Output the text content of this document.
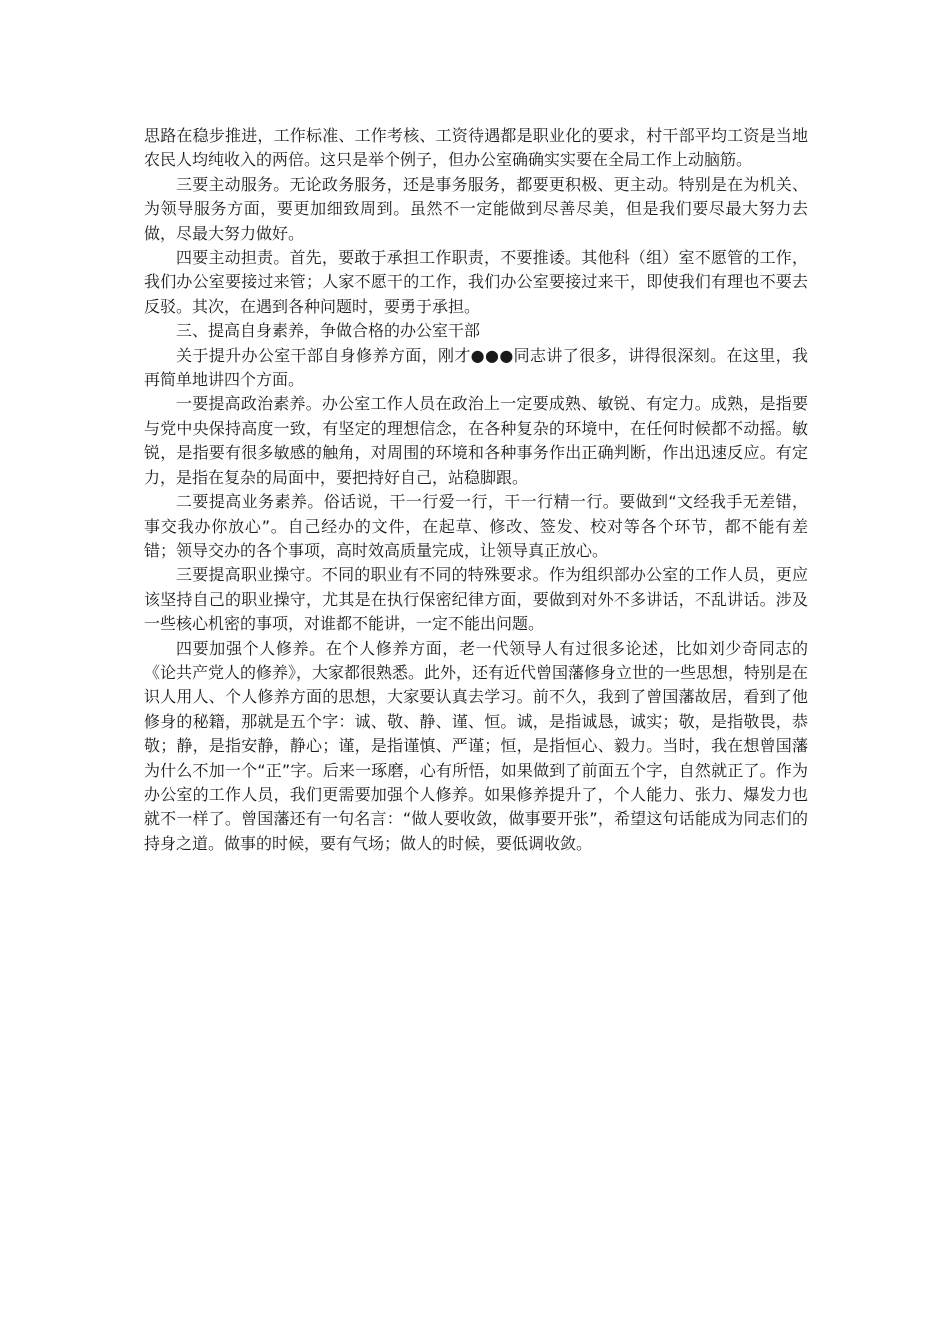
思路在稳步推进，工作标准、工作考核、工资待遇都是职业化的要求，村干部平均工资是当地农民人均纯收入的两倍。这只是举个例子，但办公室确确实实要在全局工作上动脑筋。

三要主动服务。无论政务服务，还是事务服务，都要更积极、更主动。特别是在为机关、为领导服务方面，要更加细致周到。虽然不一定能做到尽善尽美，但是我们要尽最大努力去做，尽最大努力做好。

四要主动担责。首先，要敢于承担工作职责，不要推诿。其他科（组）室不愿管的工作，我们办公室要接过来管；人家不愿干的工作，我们办公室要接过来干，即使我们有理也不要去反驳。其次，在遇到各种问题时，要勇于承担。

三、提高自身素养，争做合格的办公室干部

关于提升办公室干部自身修养方面，刚才●●●同志讲了很多，讲得很深刻。在这里，我再简单地讲四个方面。

一要提高政治素养。办公室工作人员在政治上一定要成熟、敏锐、有定力。成熟，是指要与党中央保持高度一致，有坚定的理想信念，在各种复杂的环境中，在任何时候都不动摇。敏锐，是指要有很多敏感的触角，对周围的环境和各种事务作出正确判断，作出迅速反应。有定力，是指在复杂的局面中，要把持好自己，站稳脚跟。

二要提高业务素养。俗话说，干一行爱一行，干一行精一行。要做到“文经我手无差错，事交我办你放心”。自己经办的文件，在起草、修改、签发、校对等各个环节，都不能有差错；领导交办的各个事项，高时效高质量完成，让领导真正放心。

三要提高职业操守。不同的职业有不同的特殊要求。作为组织部办公室的工作人员，更应该坚持自己的职业操守，尤其是在执行保密纪律方面，要做到对外不多讲话，不乱讲话。涉及一些核心机密的事项，对谁都不能讲，一定不能出问题。

四要加强个人修养。在个人修养方面，老一代领导人有过很多论述，比如刘少奇同志的《论共产党人的修养》，大家都很熟悉。此外，还有近代曾国藩修身立世的一些思想，特别是在识人用人、个人修养方面的思想，大家要认真去学习。前不久，我到了曾国藩故居，看到了他修身的秘籍，那就是五个字：诚、敬、静、谨、恒。诚，是指诚恳，诚实；敬，是指敬畏，恭敬；静，是指安静，静心；谨，是指谨慎、严谨；恒，是指恒心、毅力。当时，我在想曾国藩为什么不加一个“正”字。后来一琢磨，心有所悟，如果做到了前面五个字，自然就正了。作为办公室的工作人员，我们更需要加强个人修养。如果修养提升了，个人能力、张力、爆发力也就不一样了。曾国藩还有一句名言：“做人要收敛，做事要开张”，希望这句话能成为同志们的持身之道。做事的时候，要有气场；做人的时候，要低调收敛。
